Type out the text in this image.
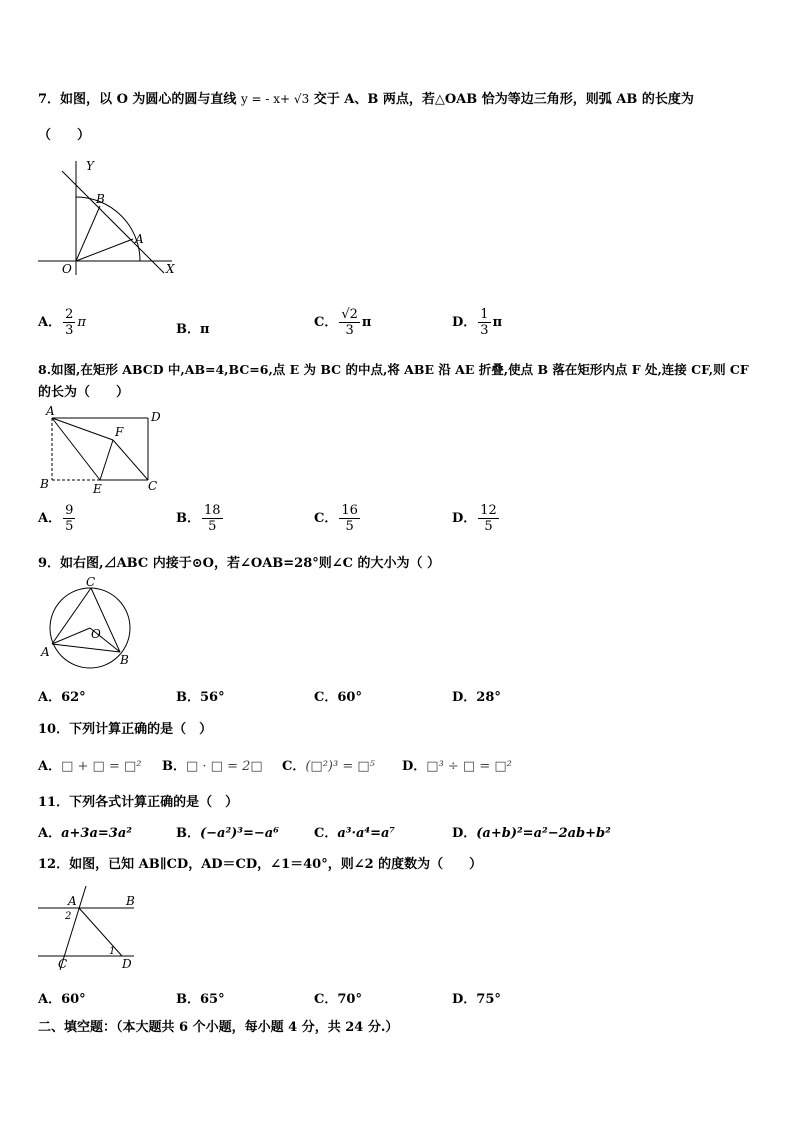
7．如图，以 O 为圆心的圆与直线 y = - x+ √3 交于 A、B 两点，若△OAB 恰为等边三角形，则弧 AB 的长度为
（　　）
Y
X
O
A
B
A． $\frac{2}{3}$ π	B．π	C． $\frac{√2}{3}$ π	D． $\frac{1}{3}$ π
8.如图,在矩形 ABCD 中,AB=4,BC=6,点 E 为 BC 的中点,将 ABE 沿 AE 折叠,使点 B 落在矩形内点 F 处,连接 CF,则 CF
的长为（　　）
A	D
B	C
E
F
A． $\frac{9}{5}$	B． $\frac{18}{5}$	C． $\frac{16}{5}$	D． $\frac{12}{5}$
9．如右图,⊿ABC 内接于⊙O，若∠OAB=28°则∠C 的大小为（ ）
C
A
B
O
A．62°	B．56°	C．60°	D．28°
10．下列计算正确的是（　）
A．□ + □ = □² B．□ · □ = 2□ C．(□²)³ = □⁵ D．□³ ÷ □ = □²
11．下列各式计算正确的是（　）
A．a+3a=3a²	B．(−a²)³=−a⁶	C．a³·a⁴=a⁷	D．(a+b)²=a²−2ab+b²
12．如图，已知 AB∥CD，AD＝CD，∠1＝40°，则∠2 的度数为（　　）
A	B
C	D
1
2
A．60°	B．65°	C．70°	D．75°
二、填空题：（本大题共 6 个小题，每小题 4 分，共 24 分.）
